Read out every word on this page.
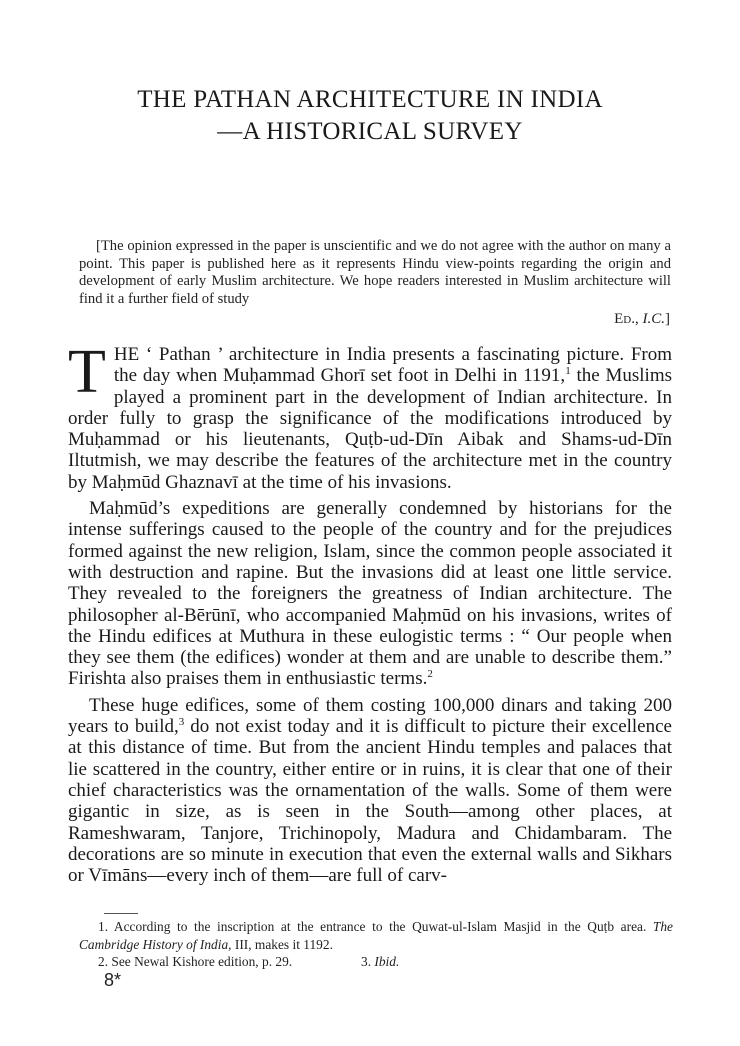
THE PATHAN ARCHITECTURE IN INDIA
—A HISTORICAL SURVEY

[The opinion expressed in the paper is unscientific and we do not agree with the author on many a point. This paper is published here as it represents Hindu view-points regarding the origin and development of early Muslim architecture. We hope readers interested in Muslim architecture will find it a further field of study

Ed., I.C.]

THE ‘ Pathan ’ architecture in India presents a fascinating picture. From the day when Muḥammad Ghorī set foot in Delhi in 1191,$^1$ the Muslims played a prominent part in the development of Indian architecture. In order fully to grasp the significance of the modifications introduced by Muḥammad or his lieutenants, Quṭb-ud-Dīn Aibak and Shams-ud-Dīn Iltutmish, we may describe the features of the architecture met in the country by Maḥmūd Ghaznavī at the time of his invasions.

Maḥmūd’s expeditions are generally condemned by historians for the intense sufferings caused to the people of the country and for the prejudices formed against the new religion, Islam, since the common people associated it with destruction and rapine. But the invasions did at least one little service. They revealed to the foreigners the greatness of Indian architecture. The philosopher al-Bērūnī, who accompanied Maḥmūd on his invasions, writes of the Hindu edifices at Muthura in these eulogistic terms : “ Our people when they see them (the edifices) wonder at them and are unable to describe them.” Firishta also praises them in enthusiastic terms.$^2$

These huge edifices, some of them costing 100,000 dinars and taking 200 years to build,$^3$ do not exist today and it is difficult to picture their excellence at this distance of time. But from the ancient Hindu temples and palaces that lie scattered in the country, either entire or in ruins, it is clear that one of their chief characteristics was the ornamentation of the walls. Some of them were gigantic in size, as is seen in the South—among other places, at Rameshwaram, Tanjore, Trichinopoly, Madura and Chidambaram. The decorations are so minute in execution that even the external walls and Sikhars or Vīmāns—every inch of them—are full of carv-

1. According to the inscription at the entrance to the Quwat-ul-Islam Masjid in the Quṭb area. The Cambridge History of India, III, makes it 1192.

2. See Newal Kishore edition, p. 29.	3. Ibid.
8*
